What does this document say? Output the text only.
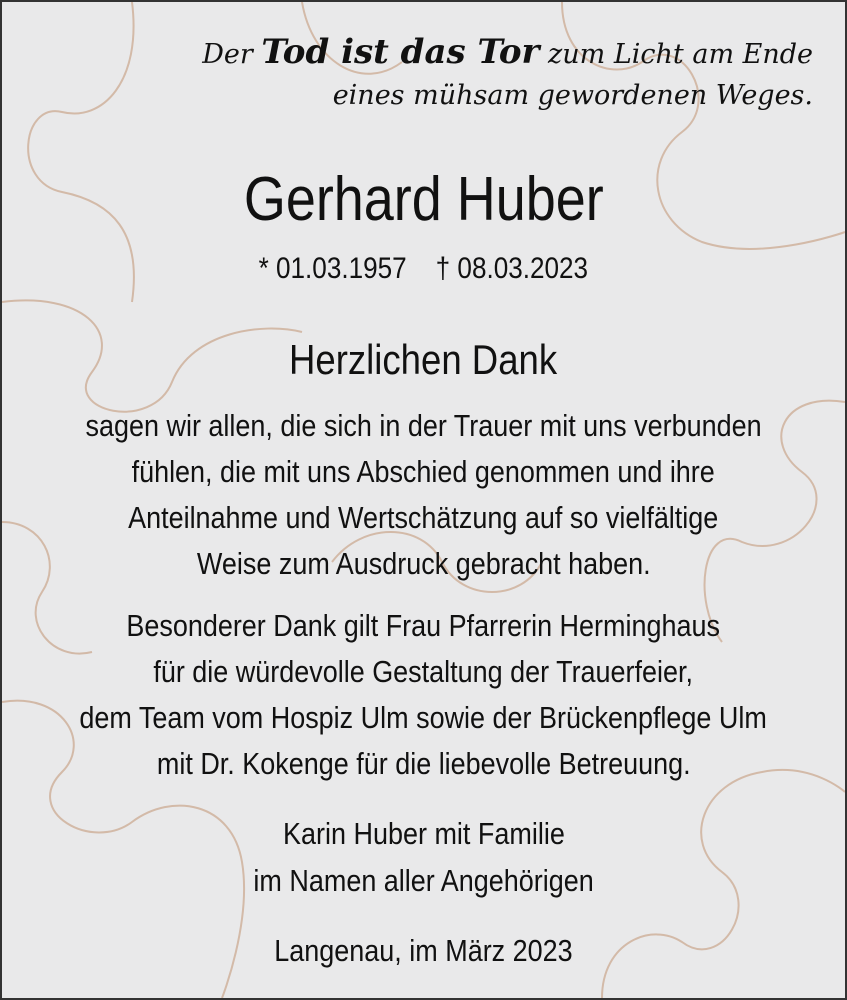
Der Tod ist das Tor zum Licht am Ende
eines mühsam gewordenen Weges.
Gerhard Huber
* 01.03.1957 † 08.03.2023
Herzlichen Dank
sagen wir allen, die sich in der Trauer mit uns verbunden
fühlen, die mit uns Abschied genommen und ihre
Anteilnahme und Wertschätzung auf so vielfältige
Weise zum Ausdruck gebracht haben.
Besonderer Dank gilt Frau Pfarrerin Herminghaus
für die würdevolle Gestaltung der Trauerfeier,
dem Team vom Hospiz Ulm sowie der Brückenpflege Ulm
mit Dr. Kokenge für die liebevolle Betreuung.
Karin Huber mit Familie
im Namen aller Angehörigen
Langenau, im März 2023
